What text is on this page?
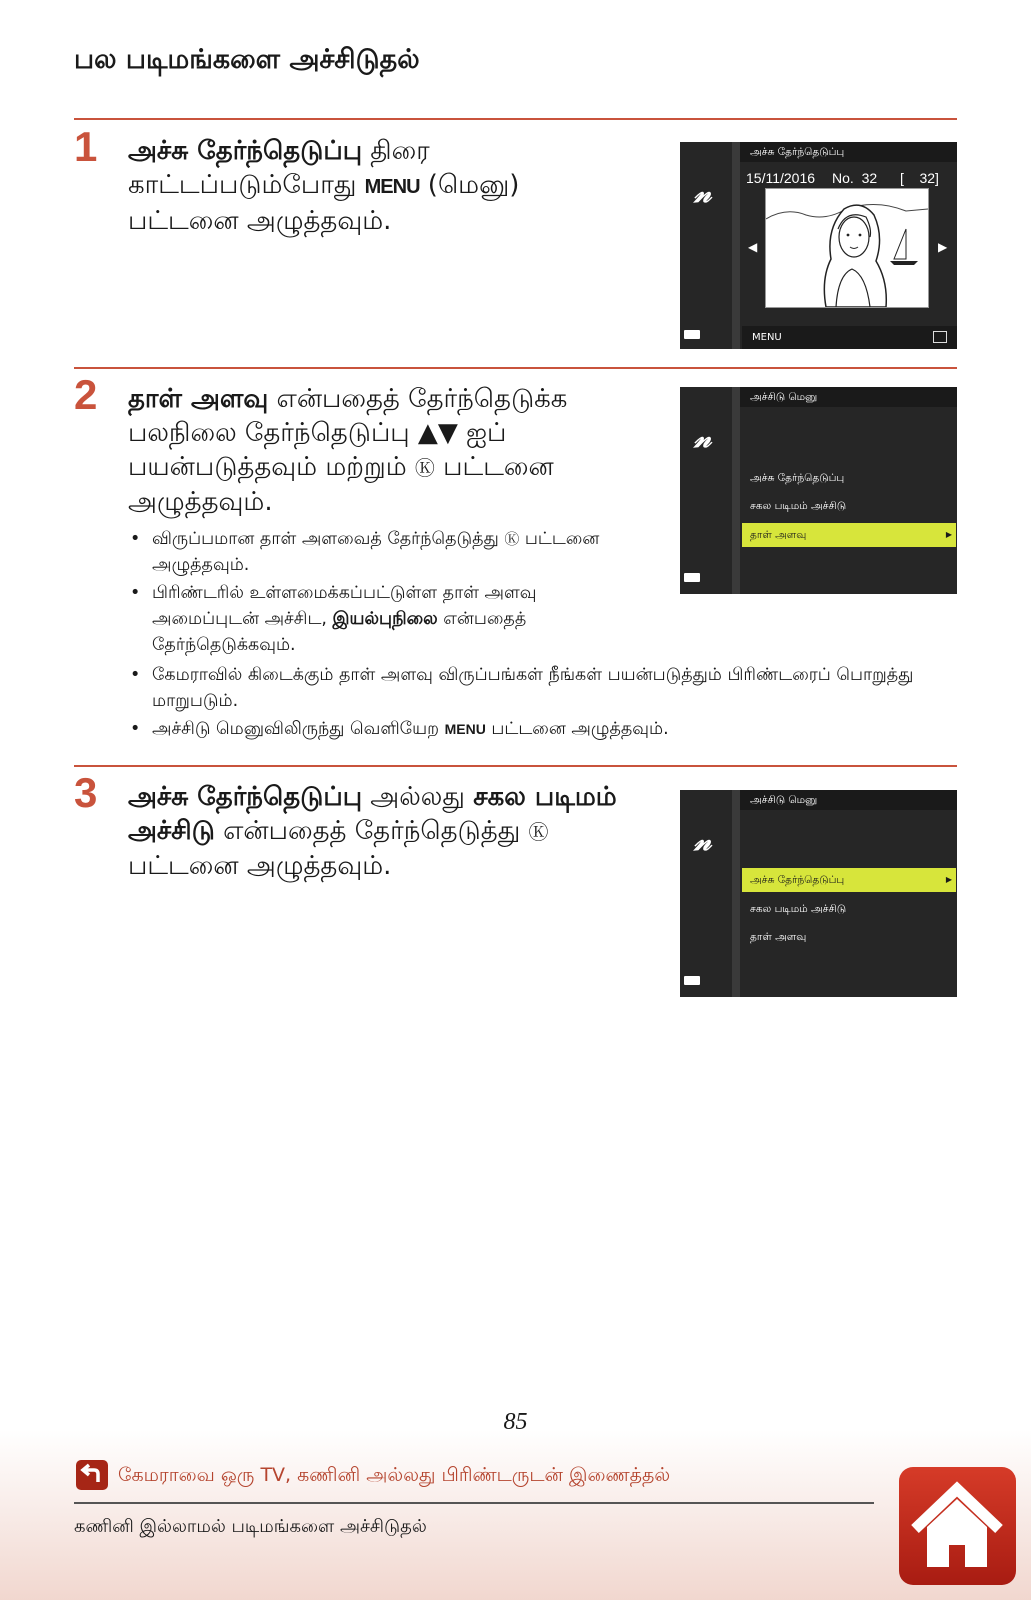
பல படிமங்களை அச்சிடுதல்
1 அச்சு தேர்ந்தெடுப்பு திரை காட்டப்படும்போது MENU (மெனு) பட்டனை அழுத்தவும்.
𝓃
அச்சு தேர்ந்தெடுப்பு
15/11/2016 No.  32 [    32]
◀	▶
MENU
2 தாள் அளவு என்பதைத் தேர்ந்தெடுக்க பலநிலை தேர்ந்தெடுப்பு ▲▼ ஐப் பயன்படுத்தவும் மற்றும் Ⓚ பட்டனை அழுத்தவும்.
• விருப்பமான தாள் அளவைத் தேர்ந்தெடுத்து Ⓚ பட்டனை அழுத்தவும்.
• பிரிண்டரில் உள்ளமைக்கப்பட்டுள்ள தாள் அளவு அமைப்புடன் அச்சிட, இயல்புநிலை என்பதைத் தேர்ந்தெடுக்கவும்.
• கேமராவில் கிடைக்கும் தாள் அளவு விருப்பங்கள் நீங்கள் பயன்படுத்தும் பிரிண்டரைப் பொறுத்து மாறுபடும்.
• அச்சிடு மெனுவிலிருந்து வெளியேற MENU பட்டனை அழுத்தவும்.
𝓃
அச்சிடு மெனு
அச்சு தேர்ந்தெடுப்பு
சகல படிமம் அச்சிடு
தாள் அளவு	▶
3 அச்சு தேர்ந்தெடுப்பு அல்லது சகல படிமம் அச்சிடு என்பதைத் தேர்ந்தெடுத்து Ⓚ பட்டனை அழுத்தவும்.
𝓃
அச்சிடு மெனு
அச்சு தேர்ந்தெடுப்பு	▶
சகல படிமம் அச்சிடு
தாள் அளவு
85
கேமராவை ஒரு TV, கணினி அல்லது பிரிண்டருடன் இணைத்தல்
கணினி இல்லாமல் படிமங்களை அச்சிடுதல்
